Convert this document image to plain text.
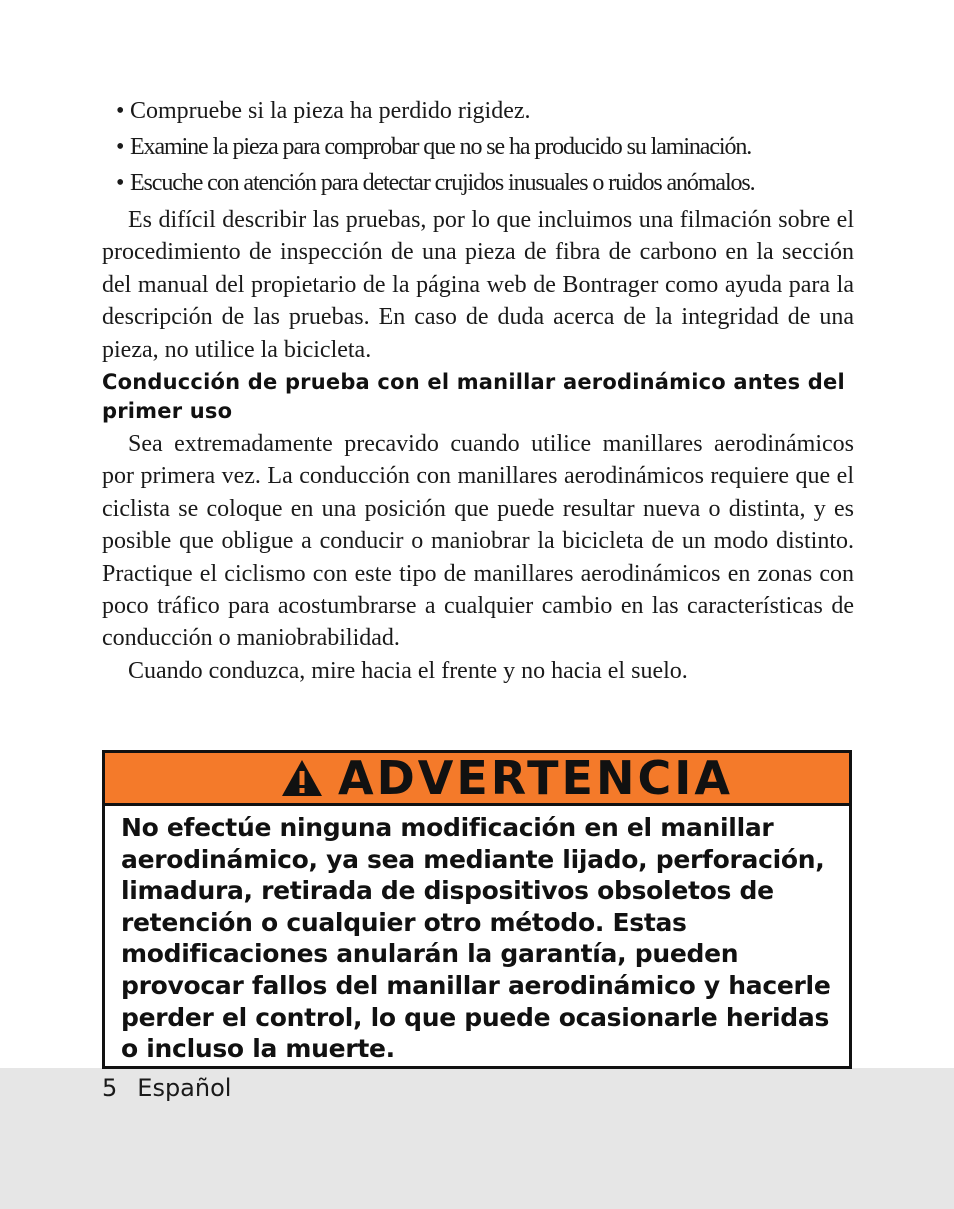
• Compruebe si la pieza ha perdido rigidez.
• Examine la pieza para comprobar que no se ha producido su laminación.
• Escuche con atención para detectar crujidos inusuales o ruidos anómalos.

Es difícil describir las pruebas, por lo que incluimos una filmación sobre el procedimiento de inspección de una pieza de fibra de carbono en la sección del manual del propietario de la página web de Bontrager como ayuda para la descripción de las pruebas. En caso de duda acerca de la integridad de una pieza, no utilice la bicicleta.

Conducción de prueba con el manillar aerodinámico antes del primer uso

Sea extremadamente precavido cuando utilice manillares aerodinámicos por primera vez. La conducción con manillares aerodinámicos requiere que el ciclista se coloque en una posición que puede resultar nueva o distinta, y es posible que obligue a conducir o maniobrar la bicicleta de un modo distinto. Practique el ciclismo con este tipo de manillares aerodinámicos en zonas con poco tráfico para acostumbrarse a cualquier cambio en las características de conducción o maniobrabilidad.

Cuando conduzca, mire hacia el frente y no hacia el suelo.

ADVERTENCIA
No efectúe ninguna modificación en el manillar aerodinámico, ya sea mediante lijado, perforación, limadura, retirada de dispositivos obsoletos de retención o cualquier otro método. Estas modificaciones anularán la garantía, pueden provocar fallos del manillar aerodinámico y hacerle perder el control, lo que puede ocasionarle heridas o incluso la muerte.
5 Español
